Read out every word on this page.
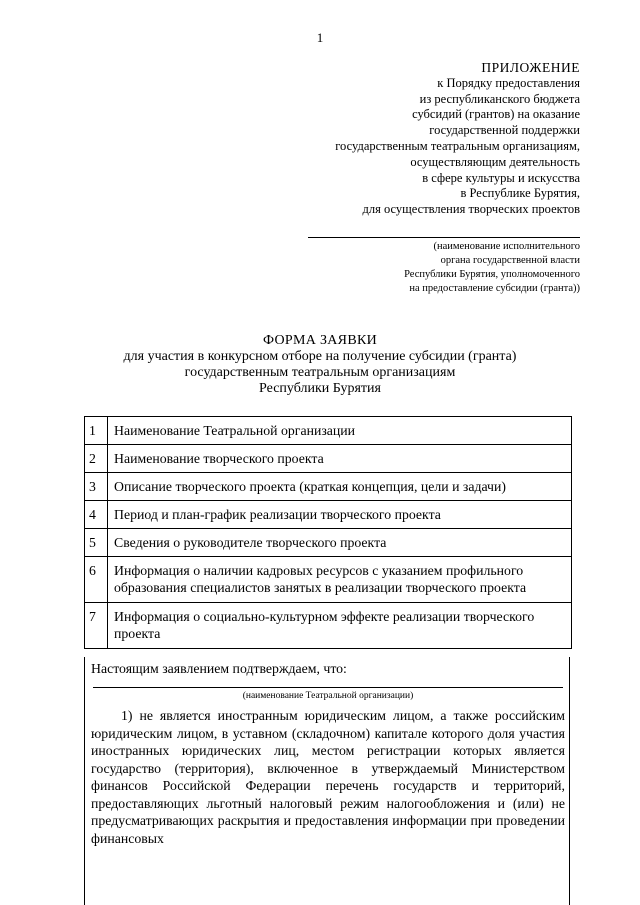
1
ПРИЛОЖЕНИЕ
к Порядку предоставления
из республиканского бюджета
субсидий (грантов) на оказание
государственной поддержки
государственным театральным организациям,
осуществляющим деятельность
в сфере культуры и искусства
в Республике Бурятия,
для осуществления творческих проектов
(наименование исполнительного
органа государственной власти
Республики Бурятия, уполномоченного
на предоставление субсидии (гранта))
ФОРМА ЗАЯВКИ
для участия в конкурсном отборе на получение субсидии (гранта)
государственным театральным организациям
Республики Бурятия
1	Наименование Театральной организации
2	Наименование творческого проекта
3	Описание творческого проекта (краткая концепция, цели и задачи)
4	Период и план-график реализации творческого проекта
5	Сведения о руководителе творческого проекта
6	Информация о наличии кадровых ресурсов с указанием профильного образования специалистов занятых в реализации творческого проекта
7	Информация о социально-культурном эффекте реализации творческого проекта
Настоящим заявлением подтверждаем, что:
(наименование Театральной организации)
1) не является иностранным юридическим лицом, а также российским юридическим лицом, в уставном (складочном) капитале которого доля участия иностранных юридических лиц, местом регистрации которых является государство (территория), включенное в утверждаемый Министерством финансов Российской Федерации перечень государств и территорий, предоставляющих льготный налоговый режим налогообложения и (или) не предусматривающих раскрытия и предоставления информации при проведении финансовых
